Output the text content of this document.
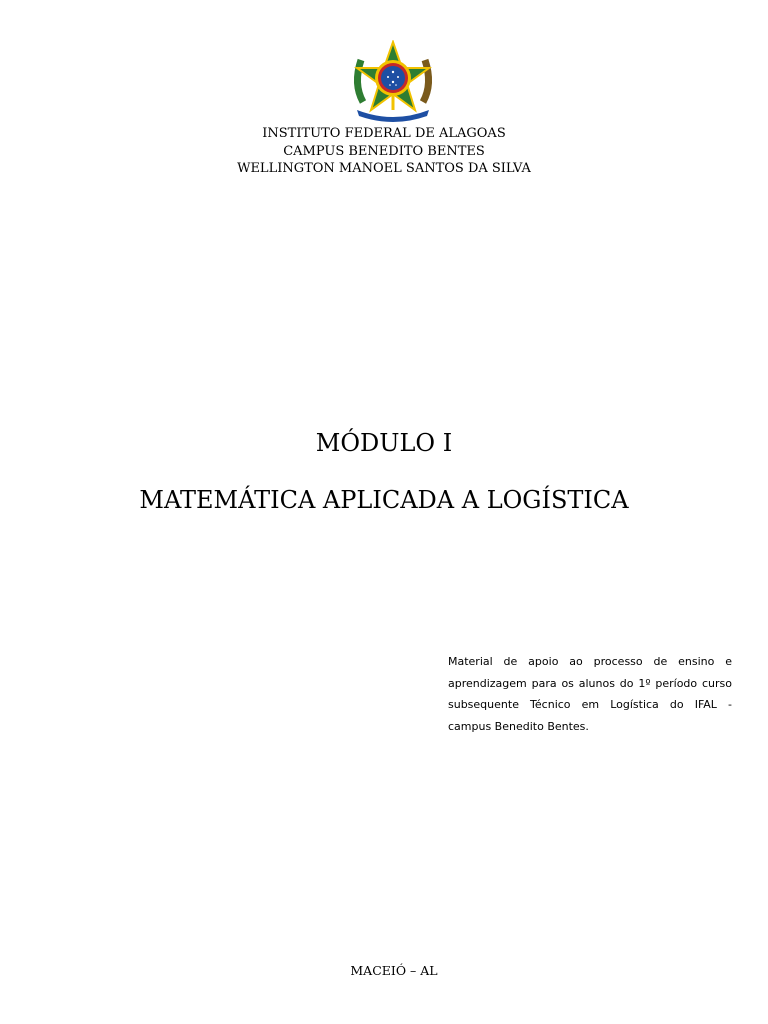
INSTITUTO FEDERAL DE ALAGOAS
CAMPUS BENEDITO BENTES
WELLINGTON MANOEL SANTOS DA SILVA
MÓDULO I
MATEMÁTICA APLICADA A LOGÍSTICA
Material de apoio ao processo de ensino e aprendizagem para os alunos do 1º período curso subsequente Técnico em Logística do IFAL - campus Benedito Bentes.
MACEIÓ – AL
